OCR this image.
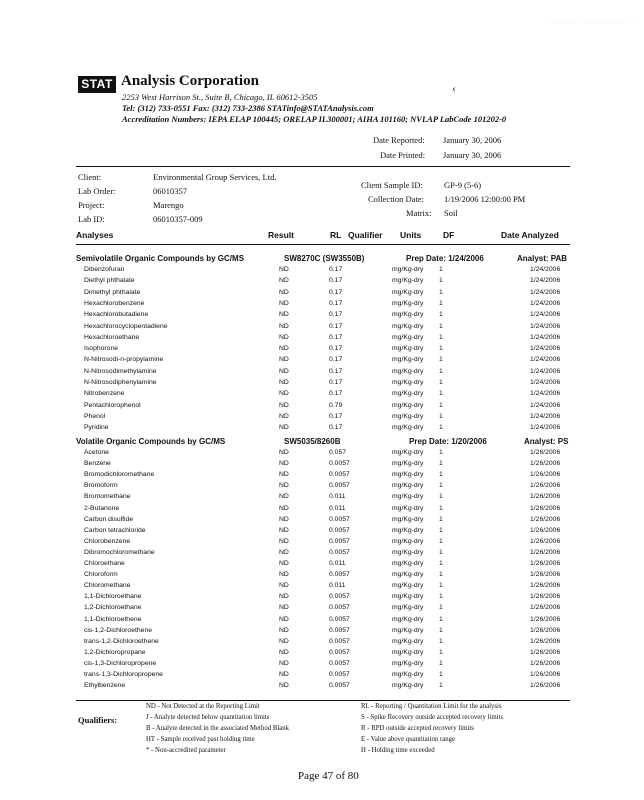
· · · · · · · · · · · · · · · · · · · · ·
STAT Analysis Corporation	‹
2253 West Harrison St., Suite B, Chicago, IL 60612-3505
Tel: (312) 733-0551 Fax: (312) 733-2386 STATinfo@STATAnalysis.com
Accreditation Numbers: IEPA ELAP 100445; ORELAP IL300001; AIHA 101160; NVLAP LabCode 101202-0
Date Reported: January 30, 2006
Date Printed: January 30, 2006
Client:	Environmental Group Services, Ltd.
Lab Order:	06010357
Project:	Marengo
Lab ID:	06010357-009
Client Sample ID: GP-9 (5-6)
Collection Date: 1/19/2006 12:00:00 PM
Matrix: Soil
Analyses	Result	RL Qualifier Units	DF	Date Analyzed
Semivolatile Organic Compounds by GC/MS	SW8270C (SW3550B)	Prep Date: 1/24/2006	Analyst: PAB
Dibenzofuran	ND	0.17	mg/Kg-dry 1	1/24/2006
Diethyl phthalate	ND	0.17	mg/Kg-dry 1	1/24/2006
Dimethyl phthalate	ND	0.17	mg/Kg-dry 1	1/24/2006
Hexachlorobenzene	ND	0.17	mg/Kg-dry 1	1/24/2006
Hexachlorobutadiene	ND	0.17	mg/Kg-dry 1	1/24/2006
Hexachlorocyclopentadiene	ND	0.17	mg/Kg-dry 1	1/24/2006
Hexachloroethane	ND	0.17	mg/Kg-dry 1	1/24/2006
Isophorone	ND	0.17	mg/Kg-dry 1	1/24/2006
N-Nitrosodi-n-propylamine	ND	0.17	mg/Kg-dry 1	1/24/2006
N-Nitrosodimethylamine	ND	0.17	mg/Kg-dry 1	1/24/2006
N-Nitrosodiphenylamine	ND	0.17	mg/Kg-dry 1	1/24/2006
Nitrobenzene	ND	0.17	mg/Kg-dry 1	1/24/2006
Pentachlorophenol	ND	0.79	mg/Kg-dry 1	1/24/2006
Phenol	ND	0.17	mg/Kg-dry 1	1/24/2006
Pyridine	ND	0.17	mg/Kg-dry 1	1/24/2006
Volatile Organic Compounds by GC/MS	SW5035/8260B	Prep Date: 1/20/2006	Analyst: PS
Acetone	ND	0.057	mg/Kg-dry 1	1/26/2006
Benzene	ND	0.0057	mg/Kg-dry 1	1/26/2006
Bromodichloromethane	ND	0.0057	mg/Kg-dry 1	1/26/2006
Bromoform	ND	0.0057	mg/Kg-dry 1	1/26/2006
Bromomethane	ND	0.011	mg/Kg-dry 1	1/26/2006
2-Butanone	ND	0.011	mg/Kg-dry 1	1/26/2006
Carbon disulfide	ND	0.0057	mg/Kg-dry 1	1/26/2006
Carbon tetrachloride	ND	0.0057	mg/Kg-dry 1	1/26/2006
Chlorobenzene	ND	0.0057	mg/Kg-dry 1	1/26/2006
Dibromochloromethane	ND	0.0057	mg/Kg-dry 1	1/26/2006
Chloroethane	ND	0.011	mg/Kg-dry 1	1/26/2006
Chloroform	ND	0.0057	mg/Kg-dry 1	1/26/2006
Chloromethane	ND	0.011	mg/Kg-dry 1	1/26/2006
1,1-Dichloroethane	ND	0.0057	mg/Kg-dry 1	1/26/2006
1,2-Dichloroethane	ND	0.0057	mg/Kg-dry 1	1/26/2006
1,1-Dichloroethene	ND	0.0057	mg/Kg-dry 1	1/26/2006
cis-1,2-Dichloroethene	ND	0.0057	mg/Kg-dry 1	1/26/2006
trans-1,2-Dichloroethene	ND	0.0057	mg/Kg-dry 1	1/26/2006
1,2-Dichloropropane	ND	0.0057	mg/Kg-dry 1	1/26/2006
cis-1,3-Dichloropropene	ND	0.0057	mg/Kg-dry 1	1/26/2006
trans-1,3-Dichloropropene	ND	0.0057	mg/Kg-dry 1	1/26/2006
Ethylbenzene	ND	0.0057	mg/Kg-dry 1	1/26/2006
Qualifiers:
ND - Not Detected at the Reporting Limit
J - Analyte detected below quantitation limits
B - Analyte detected in the associated Method Blank
HT - Sample received past holding time
* - Non-accredited parameter
RL - Reporting / Quantitation Limit for the analysis
S - Spike Recovery outside accepted recovery limits
R - RPD outside accepted recovery limits
E - Value above quantitation range
H - Holding time exceeded
Page 47 of 80
